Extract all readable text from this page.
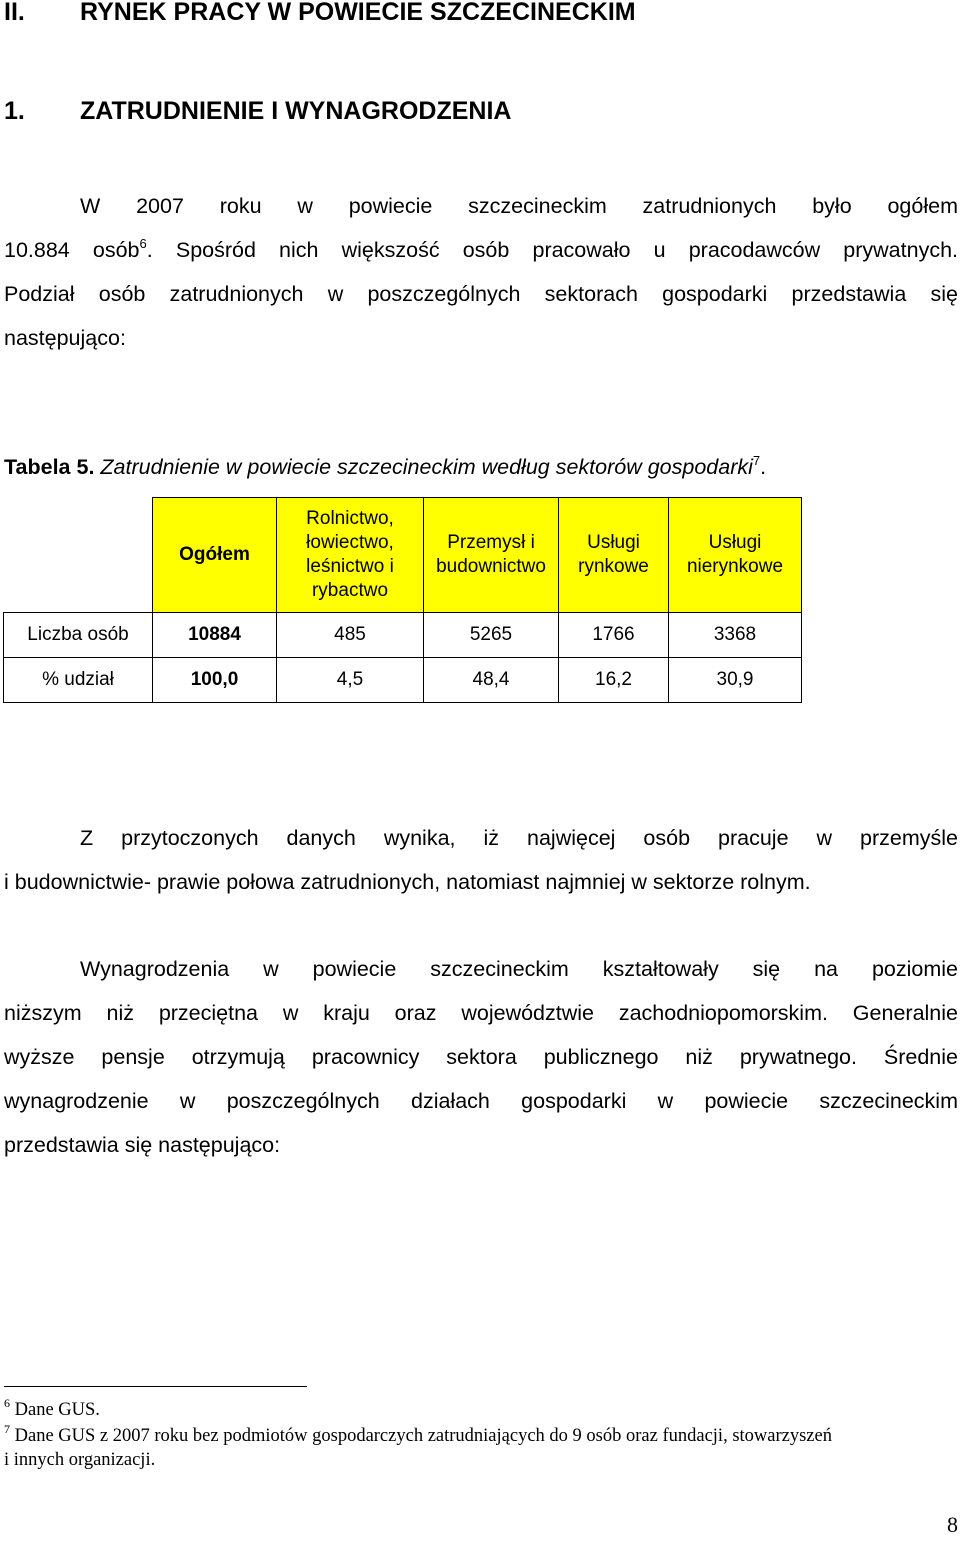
II. RYNEK PRACY W POWIECIE SZCZECINECKIM
1. ZATRUDNIENIE I WYNAGRODZENIA
W 2007 roku w powiecie szczecineckim zatrudnionych było ogółem
10.884 osób$^6$. Spośród nich większość osób pracowało u pracodawców prywatnych.
Podział osób zatrudnionych w poszczególnych sektorach gospodarki przedstawia się
następująco:
Tabela 5. Zatrudnienie w powiecie szczecineckim według sektorów gospodarki$^7$.
	Ogółem	Rolnictwo,
łowiectwo,
leśnictwo i
rybactwo	Przemysł i
budownictwo	Usługi
rynkowe	Usługi
nierynkowe
Liczba osób	10884	485	5265	1766	3368
% udział	100,0	4,5	48,4	16,2	30,9
Z przytoczonych danych wynika, iż najwięcej osób pracuje w przemyśle
i budownictwie- prawie połowa zatrudnionych, natomiast najmniej w sektorze rolnym.
Wynagrodzenia w powiecie szczecineckim kształtowały się na poziomie
niższym niż przeciętna w kraju oraz województwie zachodniopomorskim. Generalnie
wyższe pensje otrzymują pracownicy sektora publicznego niż prywatnego. Średnie
wynagrodzenie w poszczególnych działach gospodarki w powiecie szczecineckim
przedstawia się następująco:
$^6$ Dane GUS.
$^7$ Dane GUS z 2007 roku bez podmiotów gospodarczych zatrudniających do 9 osób oraz fundacji, stowarzyszeń
i innych organizacji.
8
